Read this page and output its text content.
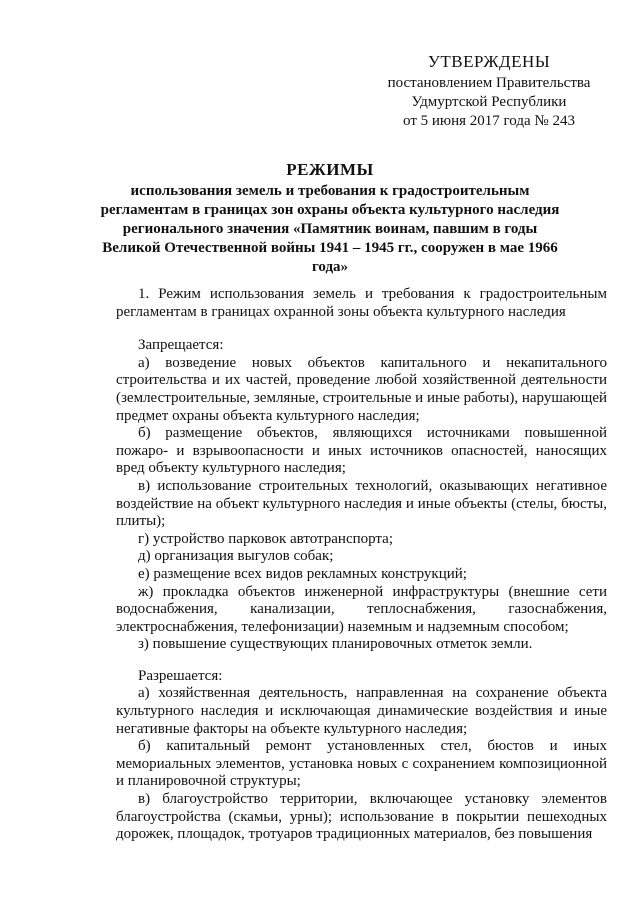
УТВЕРЖДЕНЫ
постановлением Правительства
Удмуртской Республики
от 5 июня 2017 года № 243
РЕЖИМЫ
использования земель и требования к градостроительным регламентам в границах зон охраны объекта культурного наследия регионального значения «Памятник воинам, павшим в годы Великой Отечественной войны 1941 – 1945 гг., сооружен в мае 1966 года»

1. Режим использования земель и требования к градостроительным регламентам в границах охранной зоны объекта культурного наследия

Запрещается:

а) возведение новых объектов капитального и некапитального строительства и их частей, проведение любой хозяйственной деятельности (землестроительные, земляные, строительные и иные работы), нарушающей предмет охраны объекта культурного наследия;

б) размещение объектов, являющихся источниками повышенной пожаро- и взрывоопасности и иных источников опасностей, наносящих вред объекту культурного наследия;

в) использование строительных технологий, оказывающих негативное воздействие на объект культурного наследия и иные объекты (стелы, бюсты, плиты);

г) устройство парковок автотранспорта;

д) организация выгулов собак;

е) размещение всех видов рекламных конструкций;

ж) прокладка объектов инженерной инфраструктуры (внешние сети водоснабжения, канализации, теплоснабжения, газоснабжения, электроснабжения, телефонизации) наземным и надземным способом;

з) повышение существующих планировочных отметок земли.

Разрешается:

а) хозяйственная деятельность, направленная на сохранение объекта культурного наследия и исключающая динамические воздействия и иные негативные факторы на объекте культурного наследия;

б) капитальный ремонт установленных стел, бюстов и иных мемориальных элементов, установка новых с сохранением композиционной и планировочной структуры;

в) благоустройство территории, включающее установку элементов благоустройства (скамьи, урны); использование в покрытии пешеходных дорожек, площадок, тротуаров традиционных материалов, без повышения
